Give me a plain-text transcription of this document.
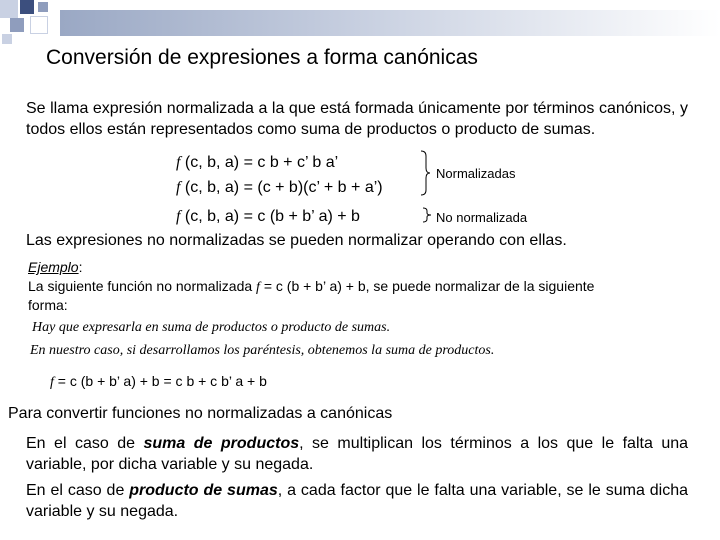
Conversión de expresiones a forma canónicas
Se llama expresión normalizada a la que está formada únicamente por términos canónicos, y todos ellos están representados como suma de productos o producto de sumas.
f (c, b, a) = c b + c’ b a’
f (c, b, a) = (c + b)(c’ + b + a’)
Normalizadas
f (c, b, a) = c (b + b’ a) + b	No normalizada
Las expresiones no normalizadas se pueden normalizar operando con ellas.
Ejemplo:
La siguiente función no normalizada f = c (b + b’ a) + b, se puede normalizar de la siguiente
forma:
Hay que expresarla en suma de productos o producto de sumas.
En nuestro caso, si desarrollamos los paréntesis, obtenemos la suma de productos.
f = c (b + b’ a) + b = c b + c b’ a + b
Para convertir funciones no normalizadas a canónicas
En el caso de suma de productos, se multiplican los términos a los que le falta una variable, por dicha variable y su negada.
En el caso de producto de sumas, a cada factor que le falta una variable, se le suma dicha variable y su negada.
